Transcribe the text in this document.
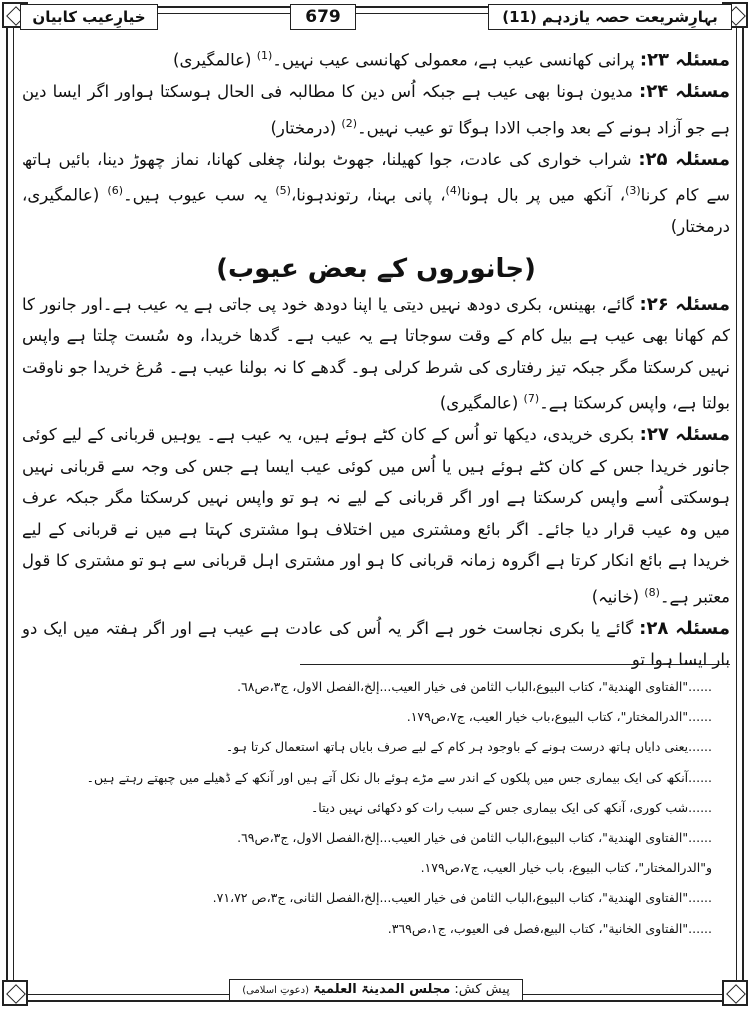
بہارِشریعت حصہ یازدہم (11)
679
خیارِعیب کابیان

مسئلہ ۲۳: پرانی کھانسی عیب ہے، معمولی کھانسی عیب نہیں۔$^{(1)}$ (عالمگیری)

مسئلہ ۲۴: مدیون ہونا بھی عیب ہے جبکہ اُس دین کا مطالبہ فی الحال ہوسکتا ہواور اگر ایسا دین ہے جو آزاد ہونے کے بعد واجب الادا ہوگا تو عیب نہیں۔$^{(2)}$ (درمختار)

مسئلہ ۲۵: شراب خواری کی عادت، جوا کھیلنا، جھوٹ بولنا، چغلی کھانا، نماز چھوڑ دینا، بائیں ہاتھ سے کام کرنا$^{(3)}$، آنکھ میں پر بال ہونا$^{(4)}$، پانی بہنا، رتوندہونا،$^{(5)}$ یہ سب عیوب ہیں۔$^{(6)}$ (عالمگیری، درمختار)

(جانوروں کے بعض عیوب)

مسئلہ ۲۶: گائے، بھینس، بکری دودھ نہیں دیتی یا اپنا دودھ خود پی جاتی ہے یہ عیب ہے۔اور جانور کا کم کھانا بھی عیب ہے بیل کام کے وقت سوجاتا ہے یہ عیب ہے۔ گدھا خریدا، وہ سُست چلتا ہے واپس نہیں کرسکتا مگر جبکہ تیز رفتاری کی شرط کرلی ہو۔ گدھے کا نہ بولنا عیب ہے۔ مُرغ خریدا جو ناوقت بولتا ہے، واپس کرسکتا ہے۔$^{(7)}$ (عالمگیری)

مسئلہ ۲۷: بکری خریدی، دیکھا تو اُس کے کان کٹے ہوئے ہیں، یہ عیب ہے۔ یوہیں قربانی کے لیے کوئی جانور خریدا جس کے کان کٹے ہوئے ہیں یا اُس میں کوئی عیب ایسا ہے جس کی وجہ سے قربانی نہیں ہوسکتی اُسے واپس کرسکتا ہے اور اگر قربانی کے لیے نہ ہو تو واپس نہیں کرسکتا مگر جبکہ عرف میں وہ عیب قرار دیا جائے۔ اگر بائع ومشتری میں اختلاف ہوا مشتری کہتا ہے میں نے قربانی کے لیے خریدا ہے بائع انکار کرتا ہے اگروہ زمانہ قربانی کا ہو اور مشتری اہل قربانی سے ہو تو مشتری کا قول معتبر ہے۔$^{(8)}$ (خانیہ)

مسئلہ ۲۸: گائے یا بکری نجاست خور ہے اگر یہ اُس کی عادت ہے عیب ہے اور اگر ہفتہ میں ایک دو بار ایسا ہوا تو

......"الفتاوى الهندية"، كتاب البيوع،الباب الثامن فى خيار العيب...إلخ،الفصل الاول، ج٣،ص٦٨.

......"الدرالمختار"، كتاب البيوع،باب خيار العيب، ج٧،ص١٧٩.

......یعنی دایاں ہاتھ درست ہونے کے باوجود ہر کام کے لیے صرف بایاں ہاتھ استعمال کرتا ہو۔

......آنکھ کی ایک بیماری جس میں پلکوں کے اندر سے مڑے ہوئے بال نکل آتے ہیں اور آنکھ کے ڈھیلے میں چبھتے رہتے ہیں۔

......شب کوری، آنکھ کی ایک بیماری جس کے سبب رات کو دکھائی نہیں دیتا۔

......"الفتاوى الهندية"، كتاب البيوع،الباب الثامن فى خيار العيب...إلخ،الفصل الاول، ج٣،ص٦٩.

و"الدرالمختار"، كتاب البيوع، باب خيار العيب، ج٧،ص١٧٩.

......"الفتاوى الهندية"، كتاب البيوع،الباب الثامن فى خيار العيب...إلخ،الفصل الثانى، ج٣،ص ٧١،٧٢.

......"الفتاوى الخانية"، كتاب البيع،فصل فى العيوب، ج١،ص٣٦٩.

پیش کش: مجلس المدینۃ العلمیۃ (دعوتِ اسلامی)
